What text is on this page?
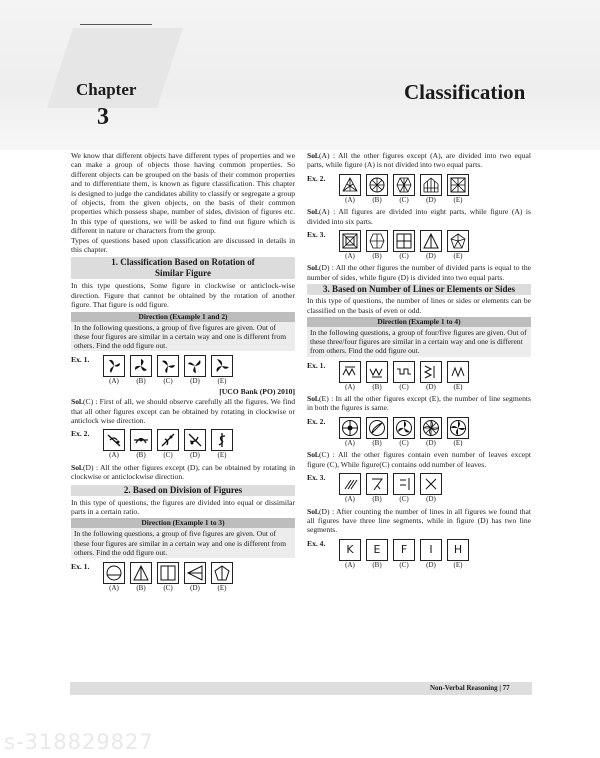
Chapter
3
Classification
We know that different objects have different types of properties and we can make a group of objects those having common properties. So different objects can be grouped on the basis of their common properties and to differentiate them, is known as figure classification. This chapter is designed to judge the candidates ability to classify or segregate a group of objects, from the given objects, on the basis of their common properties which possess shape, number of sides, division of figures etc. In this type of questions, we will be asked to find out figure which is different in nature or characters from the group.
Types of questions based upon classification are discussed in details in this chapter.
1. Classification Based on Rotation of
Similar Figure
In this type questions, Some figure in clockwise or anticlock-wise direction. Figure that cannot be obtained by the rotation of another figure. That figure is odd figure.
Direction (Example 1 and 2)
In the following questions, a group of five figures are given. Out of these four figures are similar in a certain way and one is different from others. Find the odd figure out.
Ex. 1.
(A)	(B)	(C)	(D)	(E)
[UCO Bank (PO) 2010]
Sol.(C) : First of all, we should observe carefully all the figures. We find that all other figures except can be obtained by rotating in clockwise or anticlock wise direction.
Ex. 2.
(A)	(B)	(C)	(D)	(E)
Sol.(D) : All the other figures except (D), can be obtained by rotating in clockwise or anticlockwise direction.
2. Based on Division of Figures
In this type of questions, the figures are divided into equal or dissimilar parts in a certain ratio.
Direction (Example 1 to 3)
In the following questions, a group of five figures are given. Out of these four figures are similar in a certain way and one is different from others. Find the odd figure out.
Ex. 1.
(A)	(B)	(C)	(D)	(E)
Sol.(A) : All the other figures except (A), are divided into two equal parts, while figure (A) is not divided into two equal parts.
Ex. 2.
(A)	(B)	(C)	(D)	(E)
Sol.(A) : All figures are divided into eight parts, while figure (A) is divided into six parts.
Ex. 3.
(A)	(B)	(C)	(D)	(E)
Sol.(D) : All the other figures the number of divided parts is equal to the number of sides, while figure (D) is divided into two equal parts.
3. Based on Number of Lines or Elements or Sides
In this type of questions, the number of lines or sides or elements can be classified on the basis of even or odd.
Direction (Example 1 to 4)
In the following questions, a group of four/five figures are given. Out of these three/four figures are similar in a certain way and one is different from others. Find the odd figure out.
Ex. 1.
(A)	(B)	(C)	(D)	(E)
Sol.(E) : In all the other figures except (E), the number of line segments in both the figures is same.
Ex. 2.
(A)	(B)	(C)	(D)	(E)
Sol.(C) : All the other figures contain even number of leaves except figure (C), While figure(C) contains odd number of leaves.
Ex. 3.
(A)	(B)	(C)	(D)
Sol.(D) : After counting the number of lines in all figures we found that all figures have three line segments, while in figure (D) has two line segments.
Ex. 4.	K	E	F	I	H
(A)	(B)	(C)	(D)	(E)
Non-Verbal Reasoning | 77
s-318829827
